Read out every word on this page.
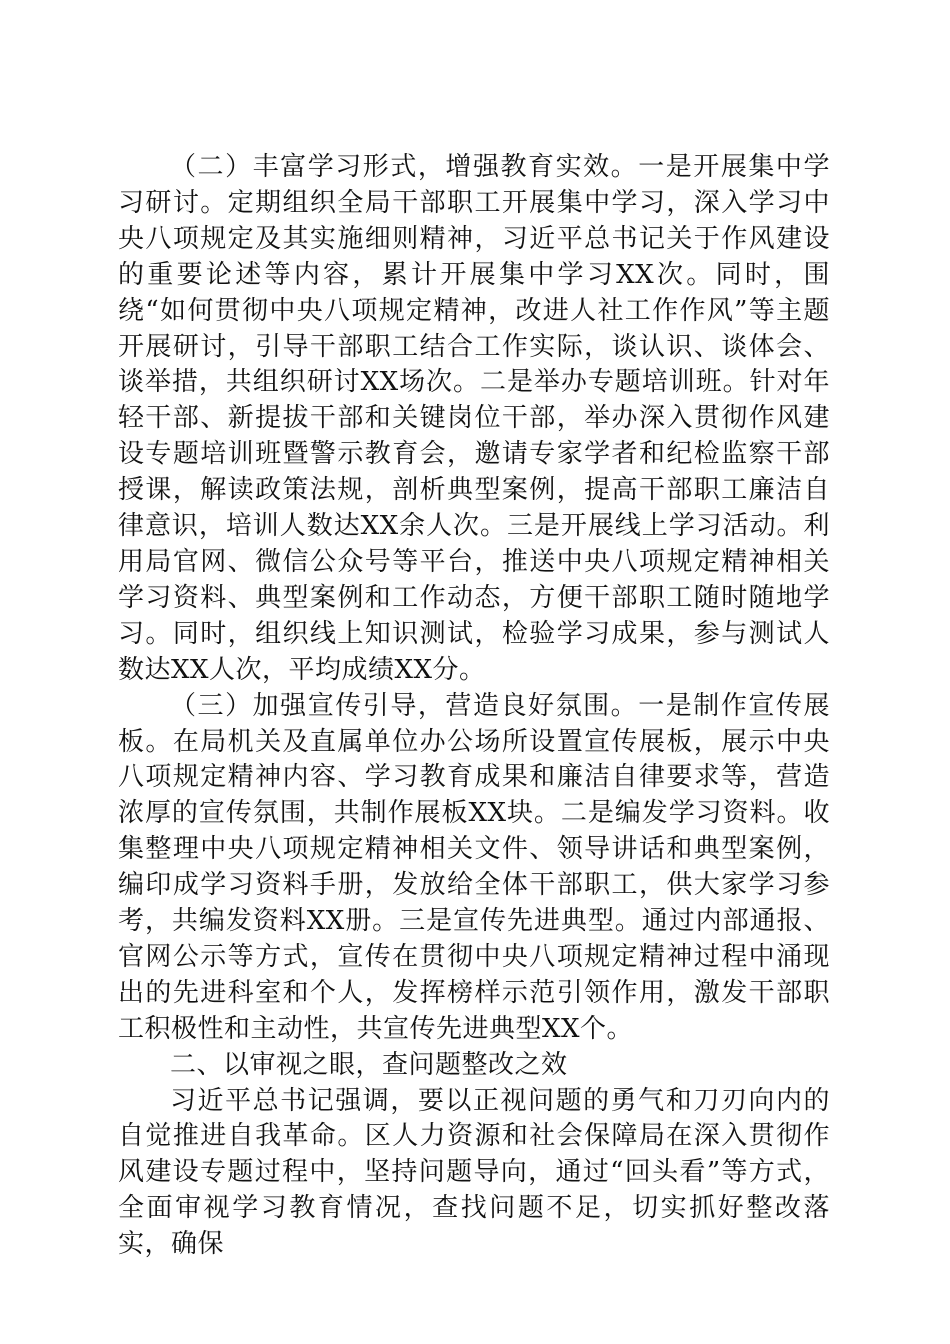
（二）丰富学习形式，增强教育实效。一是开展集中学习研讨。定期组织全局干部职工开展集中学习，深入学习中央八项规定及其实施细则精神，习近平总书记关于作风建设的重要论述等内容，累计开展集中学习XX次。同时，围绕“如何贯彻中央八项规定精神，改进人社工作作风”等主题开展研讨，引导干部职工结合工作实际，谈认识、谈体会、谈举措，共组织研讨XX场次。二是举办专题培训班。针对年轻干部、新提拔干部和关键岗位干部，举办深入贯彻作风建设专题培训班暨警示教育会，邀请专家学者和纪检监察干部授课，解读政策法规，剖析典型案例，提高干部职工廉洁自律意识，培训人数达XX余人次。三是开展线上学习活动。利用局官网、微信公众号等平台，推送中央八项规定精神相关学习资料、典型案例和工作动态，方便干部职工随时随地学习。同时，组织线上知识测试，检验学习成果，参与测试人数达XX人次，平均成绩XX分。

（三）加强宣传引导，营造良好氛围。一是制作宣传展板。在局机关及直属单位办公场所设置宣传展板，展示中央八项规定精神内容、学习教育成果和廉洁自律要求等，营造浓厚的宣传氛围，共制作展板XX块。二是编发学习资料。收集整理中央八项规定精神相关文件、领导讲话和典型案例，编印成学习资料手册，发放给全体干部职工，供大家学习参考，共编发资料XX册。三是宣传先进典型。通过内部通报、官网公示等方式，宣传在贯彻中央八项规定精神过程中涌现出的先进科室和个人，发挥榜样示范引领作用，激发干部职工积极性和主动性，共宣传先进典型XX个。

二、以审视之眼，查问题整改之效

习近平总书记强调，要以正视问题的勇气和刀刃向内的自觉推进自我革命。区人力资源和社会保障局在深入贯彻作风建设专题过程中，坚持问题导向，通过“回头看”等方式，全面审视学习教育情况，查找问题不足，切实抓好整改落实，确保
